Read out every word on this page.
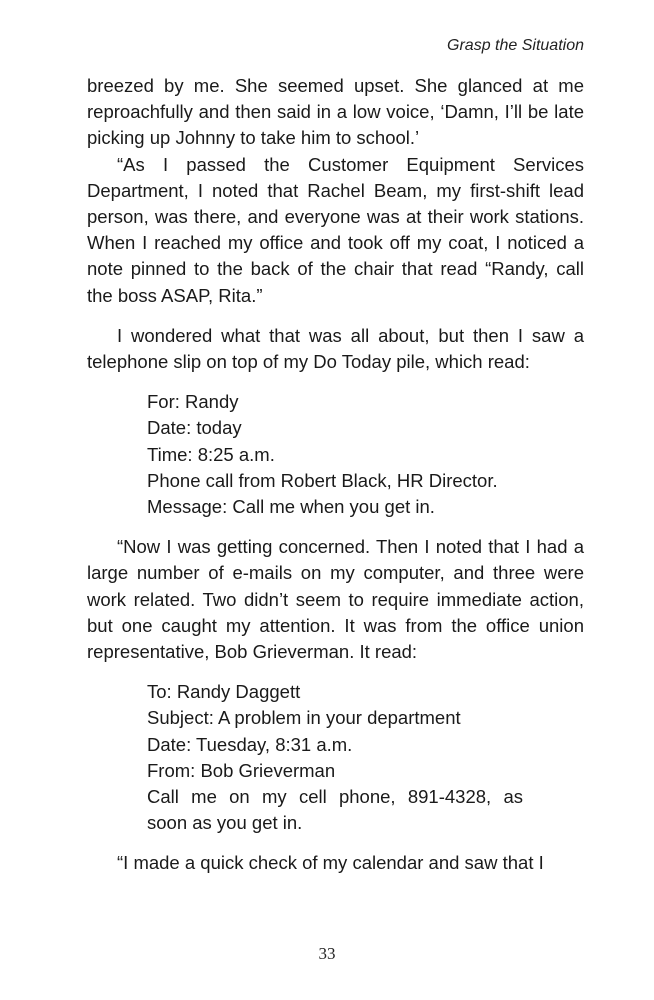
Grasp the Situation

breezed by me. She seemed upset. She glanced at me reproachfully and then said in a low voice, ‘Damn, I’ll be late picking up Johnny to take him to school.’

“As I passed the Customer Equipment Services Department, I noted that Rachel Beam, my first-shift lead person, was there, and everyone was at their work stations. When I reached my office and took off my coat, I noticed a note pinned to the back of the chair that read “Randy, call the boss ASAP, Rita.”

I wondered what that was all about, but then I saw a telephone slip on top of my Do Today pile, which read:

For: Randy
Date: today
Time: 8:25 a.m.
Phone call from Robert Black, HR Director.
Message: Call me when you get in.

“Now I was getting concerned. Then I noted that I had a large number of e-mails on my computer, and three were work related. Two didn’t seem to require immediate action, but one caught my attention. It was from the office union representative, Bob Grieverman. It read:

To: Randy Daggett
Subject: A problem in your department
Date: Tuesday, 8:31 a.m.
From: Bob Grieverman
Call me on my cell phone, 891-4328, as
soon as you get in.

“I made a quick check of my calendar and saw that I

33
